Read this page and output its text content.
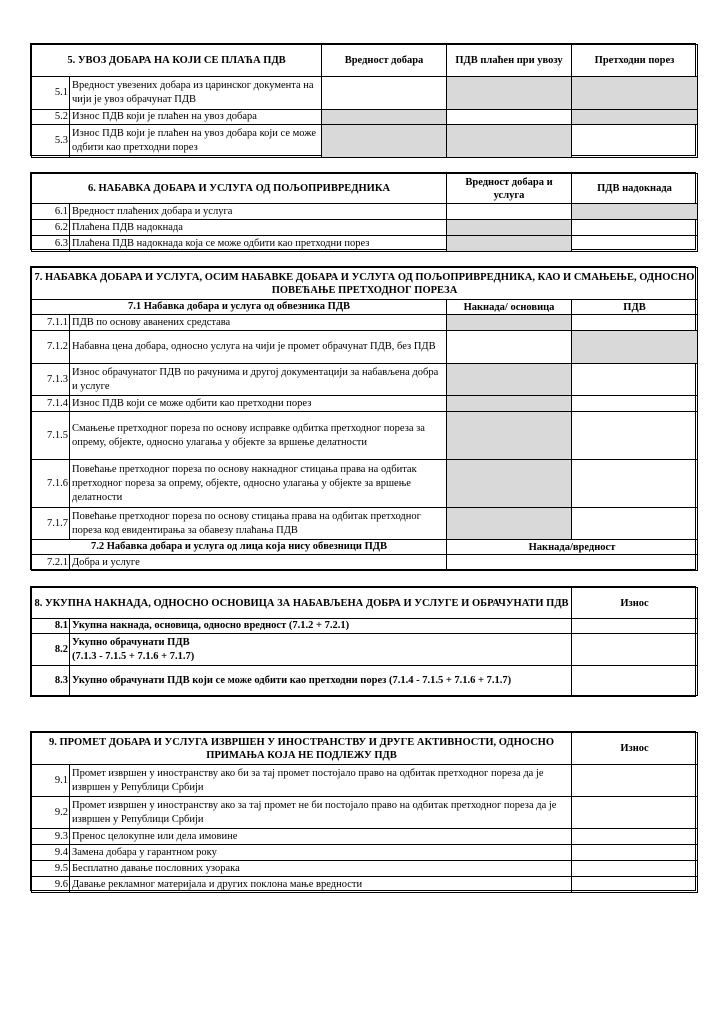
5. УВОЗ ДОБАРА НА КОЈИ СЕ ПЛАЋА ПДВ		Вредност добара	ПДВ плаћен при увозу	Претходни порез
5.1	Вредност увезених добара из царинског документа на чији је увоз обрачунат ПДВ			
5.2	Износ ПДВ који је плаћен на увоз добара			
5.3	Износ ПДВ који је плаћен на увоз добара који се може одбити као претходни порез			
6. НАБАВКА ДОБАРА И УСЛУГА ОД ПОЉОПРИВРЕДНИКА		Вредност добара и услуга	ПДВ надокнада
6.1	Вредност плаћених добара и услуга		
6.2	Плаћена ПДВ надокнада		
6.3	Плаћена ПДВ надокнада која се може одбити као претходни порез		
7. НАБАВКА ДОБАРА И УСЛУГА, ОСИМ НАБАВКЕ ДОБАРА И УСЛУГА ОД ПОЉОПРИВРЕДНИКА, КАО И СМАЊЕЊЕ, ОДНОСНО ПОВЕЋАЊЕ ПРЕТХОДНОГ ПОРЕЗА			
7.1 Набавка добара и услуга од обвезника ПДВ		Накнада/ основица	ПДВ
7.1.1	ПДВ по основу аванених средстава		
7.1.2	Набавна цена добара, односно услуга на чији је промет обрачунат ПДВ, без ПДВ		
7.1.3	Износ обрачунатог ПДВ по рачунима и другој документацији за набављена добра и услуге		
7.1.4	Износ ПДВ који се може одбити као претходни порез		
7.1.5	Смањење претходног пореза по основу исправке одбитка претходног пореза за опрему, објекте, односно улагања у објекте за вршење делатности		
7.1.6	Повећање претходног пореза по основу накнадног стицања права на одбитак претходног пореза за опрему, објекте, односно улагања у објекте за вршење делатности		
7.1.7	Повећање претходног пореза по основу стицања права на одбитак претходног пореза код евидентирања за обавезу плаћања ПДВ		
7.2 Набавка добара и услуга од лица која нису обвезници ПДВ		Накнада/вредност	
7.2.1	Добра и услуге		
8. УКУПНА НАКНАДА, ОДНОСНО ОСНОВИЦА ЗА НАБАВЉЕНА ДОБРА И УСЛУГЕ И ОБРАЧУНАТИ ПДВ		Износ
8.1	Укупна накнада, основица, односно вредност (7.1.2 + 7.2.1)	
8.2	Укупно обрачунати ПДВ
(7.1.3 - 7.1.5 + 7.1.6 + 7.1.7)	

8.3	Укупно обрачунати ПДВ који се може одбити као претходни порез (7.1.4 - 7.1.5 + 7.1.6 + 7.1.7)	
9. ПРОМЕТ ДОБАРА И УСЛУГА ИЗВРШЕН У ИНОСТРАНСТВУ И ДРУГЕ АКТИВНОСТИ, ОДНОСНО ПРИМАЊА КОЈА НЕ ПОДЛЕЖУ ПДВ		Износ
9.1	Промет извршен у иностранству ако би за тај промет постојало право на одбитак претходног пореза да је извршен у Републици Србији	
9.2	Промет извршен у иностранству ако за тај промет не би постојало право на одбитак претходног пореза да је извршен у Републици Србији	
9.3	Пренос целокупне или дела имовине	
9.4	Замена добара у гарантном року	
9.5	Бесплатно давање пословних узорака	
9.6	Давање рекламног материјала и других поклона мање вредности	
